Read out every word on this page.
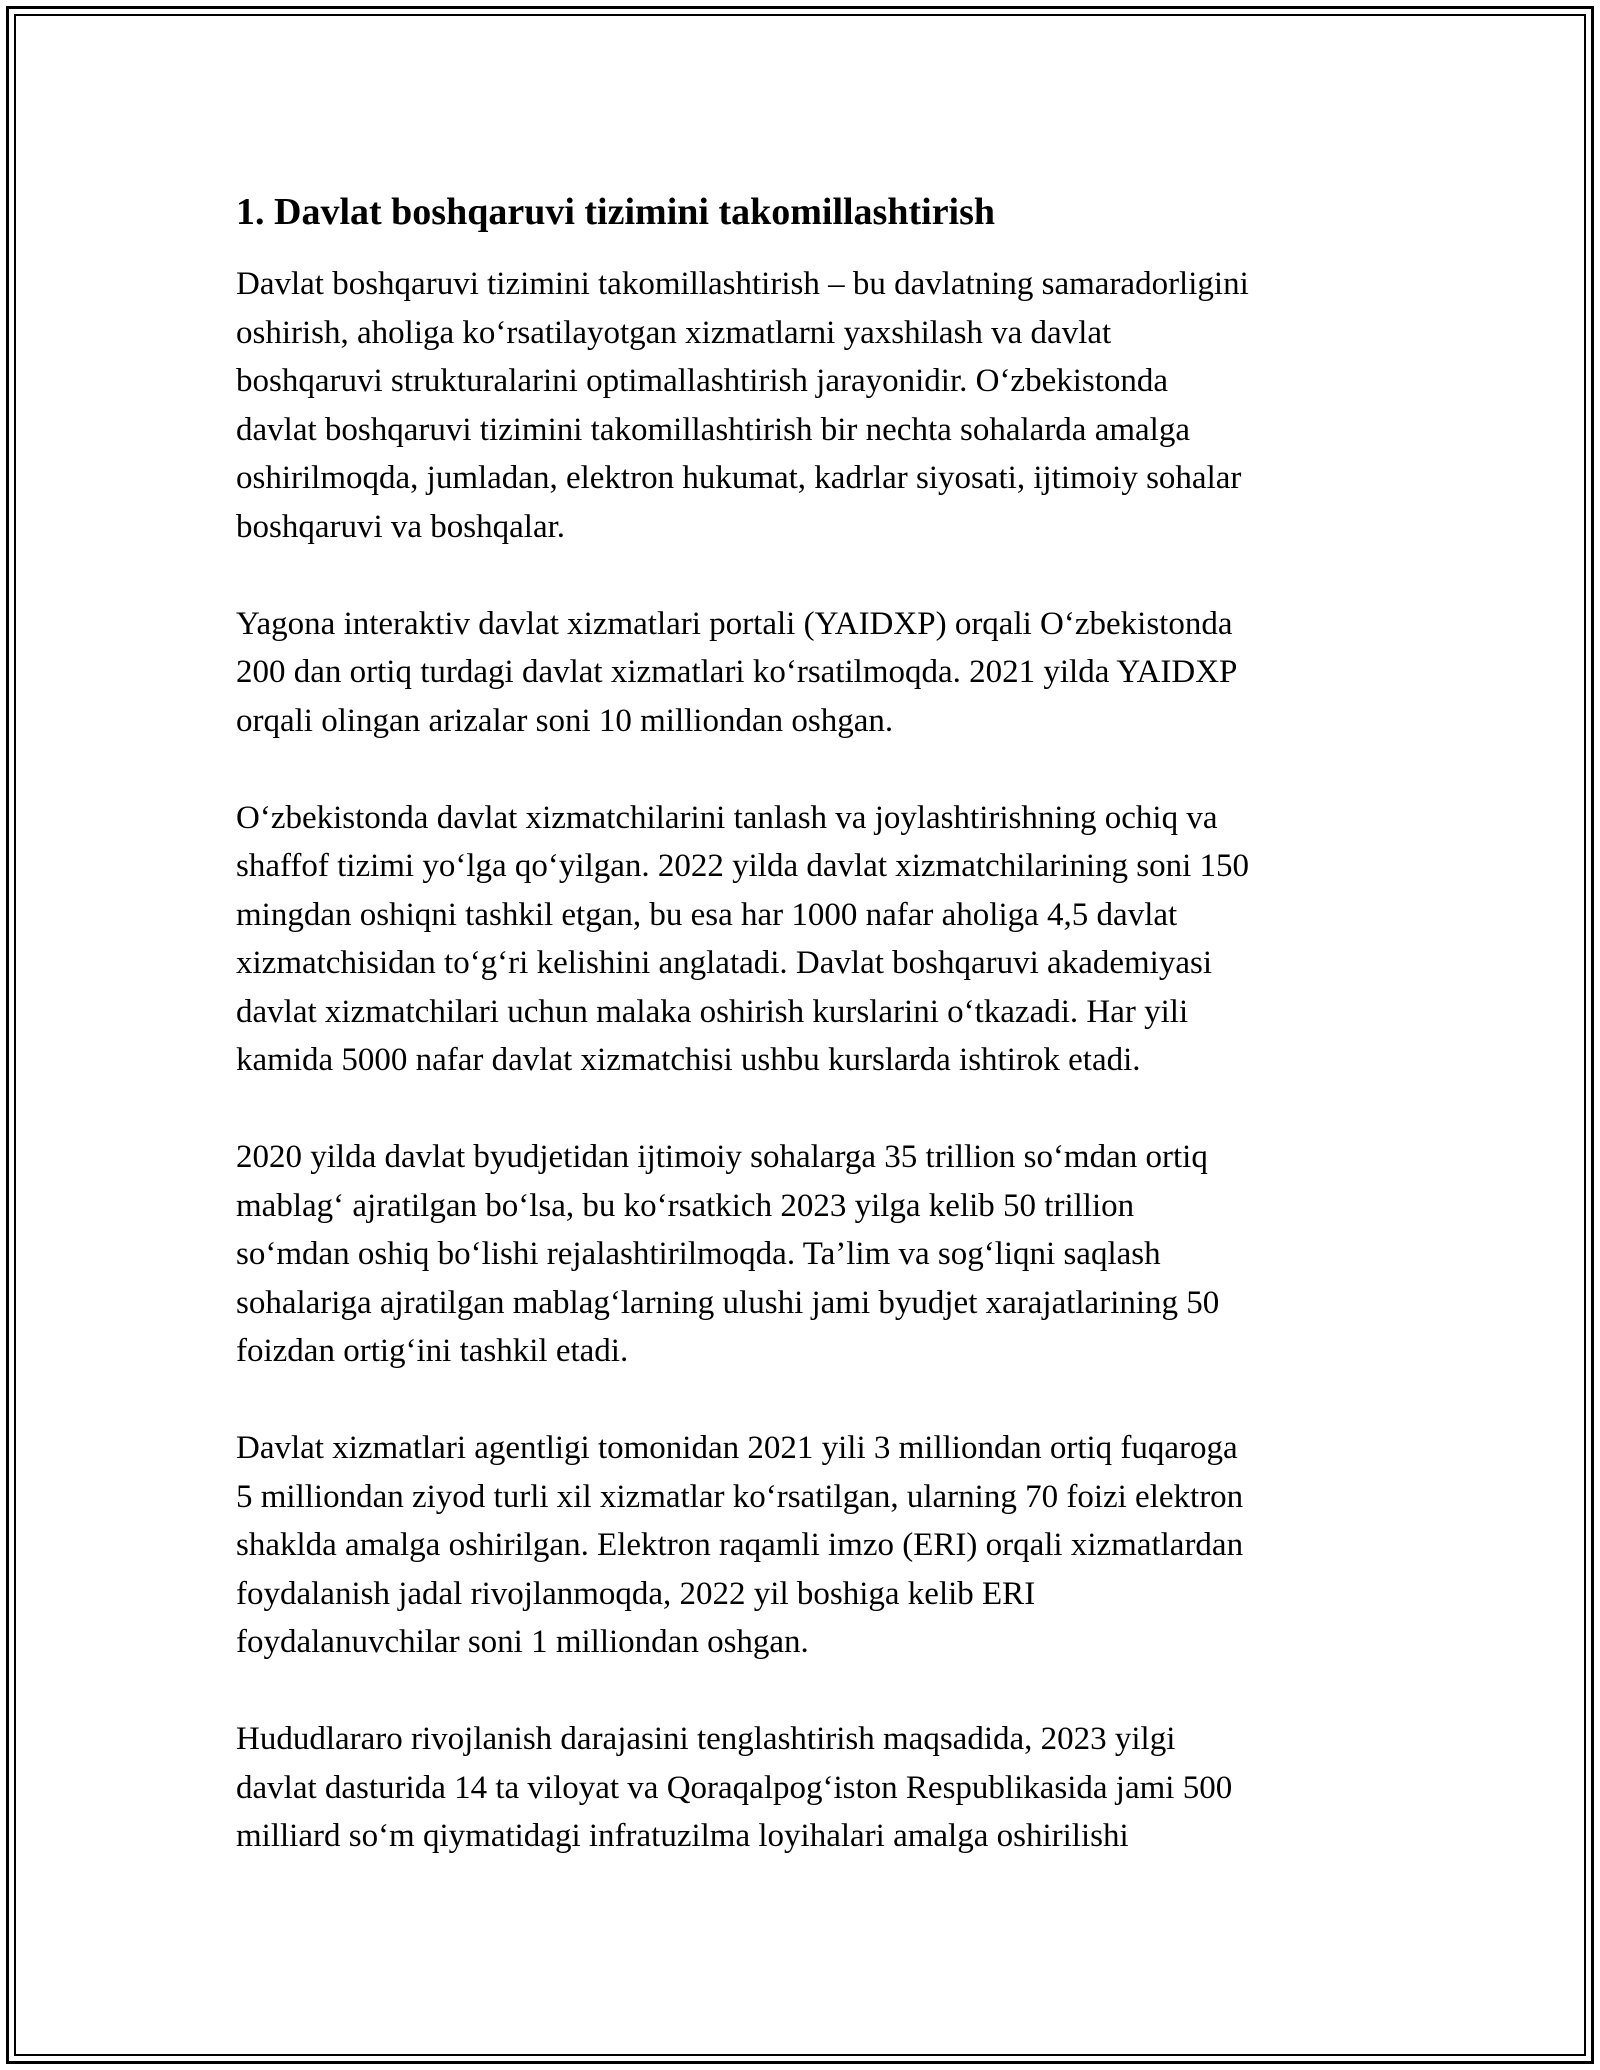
1. Davlat boshqaruvi tizimini takomillashtirish

Davlat boshqaruvi tizimini takomillashtirish – bu davlatning samaradorligini
oshirish, aholiga ko‘rsatilayotgan xizmatlarni yaxshilash va davlat
boshqaruvi strukturalarini optimallashtirish jarayonidir. O‘zbekistonda
davlat boshqaruvi tizimini takomillashtirish bir nechta sohalarda amalga
oshirilmoqda, jumladan, elektron hukumat, kadrlar siyosati, ijtimoiy sohalar
boshqaruvi va boshqalar.

Yagona interaktiv davlat xizmatlari portali (YAIDXP) orqali O‘zbekistonda
200 dan ortiq turdagi davlat xizmatlari ko‘rsatilmoqda. 2021 yilda YAIDXP
orqali olingan arizalar soni 10 milliondan oshgan.

O‘zbekistonda davlat xizmatchilarini tanlash va joylashtirishning ochiq va
shaffof tizimi yo‘lga qo‘yilgan. 2022 yilda davlat xizmatchilarining soni 150
mingdan oshiqni tashkil etgan, bu esa har 1000 nafar aholiga 4,5 davlat
xizmatchisidan to‘g‘ri kelishini anglatadi. Davlat boshqaruvi akademiyasi
davlat xizmatchilari uchun malaka oshirish kurslarini o‘tkazadi. Har yili
kamida 5000 nafar davlat xizmatchisi ushbu kurslarda ishtirok etadi.

2020 yilda davlat byudjetidan ijtimoiy sohalarga 35 trillion so‘mdan ortiq
mablag‘ ajratilgan bo‘lsa, bu ko‘rsatkich 2023 yilga kelib 50 trillion
so‘mdan oshiq bo‘lishi rejalashtirilmoqda. Ta’lim va sog‘liqni saqlash
sohalariga ajratilgan mablag‘larning ulushi jami byudjet xarajatlarining 50
foizdan ortig‘ini tashkil etadi.

Davlat xizmatlari agentligi tomonidan 2021 yili 3 milliondan ortiq fuqaroga
5 milliondan ziyod turli xil xizmatlar ko‘rsatilgan, ularning 70 foizi elektron
shaklda amalga oshirilgan. Elektron raqamli imzo (ERI) orqali xizmatlardan
foydalanish jadal rivojlanmoqda, 2022 yil boshiga kelib ERI
foydalanuvchilar soni 1 milliondan oshgan.

Hududlararo rivojlanish darajasini tenglashtirish maqsadida, 2023 yilgi
davlat dasturida 14 ta viloyat va Qoraqalpog‘iston Respublikasida jami 500
milliard so‘m qiymatidagi infratuzilma loyihalari amalga oshirilishi
